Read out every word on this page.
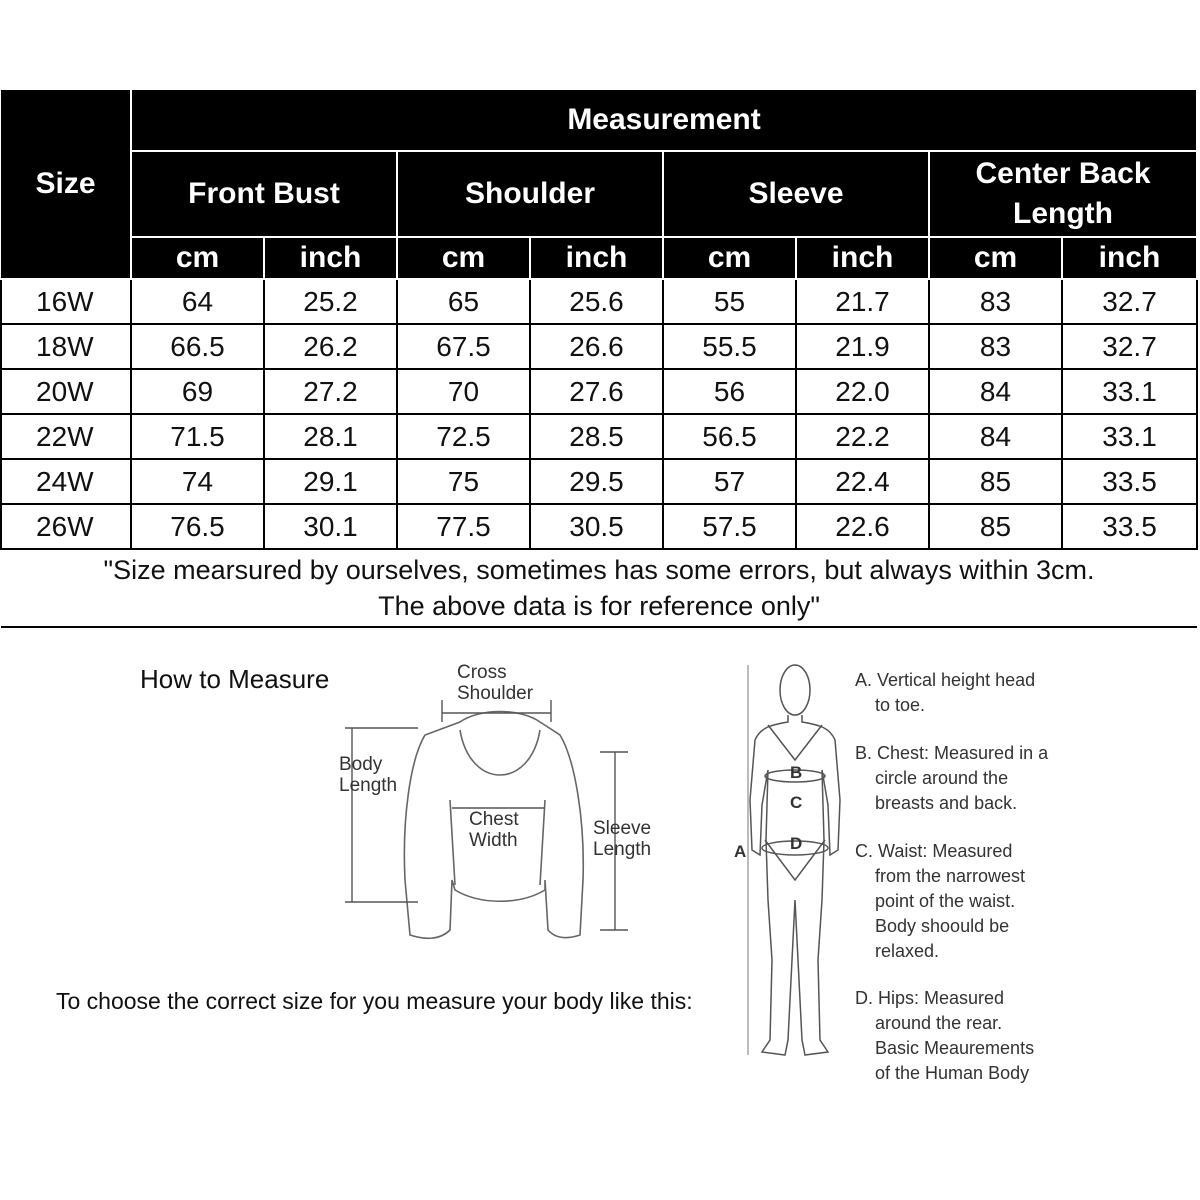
Size	Measurement							
	Front Bust		Shoulder		Sleeve		Center Back Length	
	cm	inch	cm	inch	cm	inch	cm	inch
16W	64	25.2	65	25.6	55	21.7	83	32.7
18W	66.5	26.2	67.5	26.6	55.5	21.9	83	32.7
20W	69	27.2	70	27.6	56	22.0	84	33.1
22W	71.5	28.1	72.5	28.5	56.5	22.2	84	33.1
24W	74	29.1	75	29.5	57	22.4	85	33.5
26W	76.5	30.1	77.5	30.5	57.5	22.6	85	33.5

"Size mearsured by ourselves, sometimes has some errors, but always within 3cm.
The above data is for reference only"								
How to Measure	Cross
Shoulder
Body
Length
Chest
Width
Sleeve
Length
To choose the correct size for you measure your body like this:
B
C
D
A
A. Vertical height head
to toe.
B. Chest: Measured in a
circle around the
breasts and back.
C. Waist: Measured
from the narrowest
point of the waist.
Body shoould be
relaxed.
D. Hips: Measured
around the rear.
Basic Meaurements
of the Human Body
